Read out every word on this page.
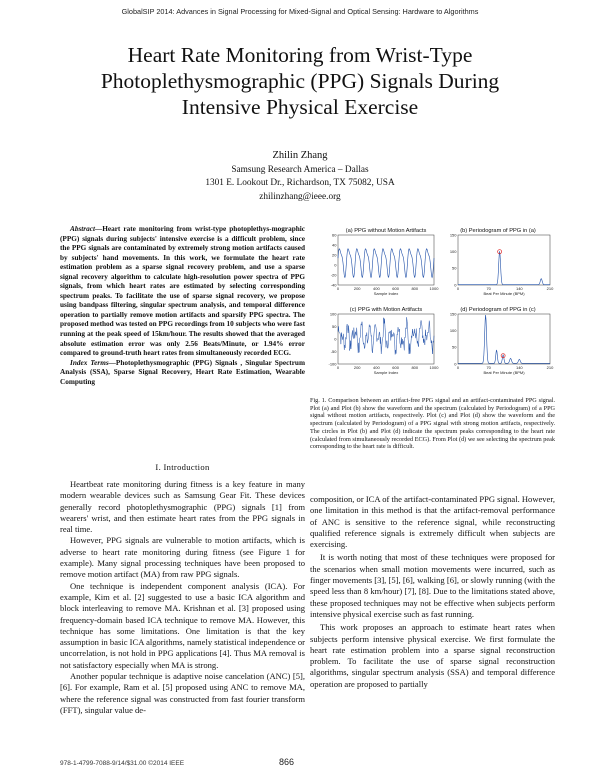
GlobalSIP 2014: Advances in Signal Processing for Mixed-Signal and Optical Sensing: Hardware to Algorithms
Heart Rate Monitoring from Wrist-Type
Photoplethysmographic (PPG) Signals During
Intensive Physical Exercise
Zhilin Zhang
Samsung Research America – Dallas
1301 E. Lookout Dr., Richardson, TX 75082, USA
zhilinzhang@ieee.org
Abstract—Heart rate monitoring from wrist-type photoplethys-mographic (PPG) signals during subjects' intensive exercise is a difficult problem, since the PPG signals are contaminated by extremely strong motion artifacts caused by subjects' hand movements. In this work, we formulate the heart rate estimation problem as a sparse signal recovery problem, and use a sparse signal recovery algorithm to calculate high-resolution power spectra of PPG signals, from which heart rates are estimated by selecting corresponding spectrum peaks. To facilitate the use of sparse signal recovery, we propose using bandpass filtering, singular spectrum analysis, and temporal difference operation to partially remove motion artifacts and sparsify PPG spectra. The proposed method was tested on PPG recordings from 10 subjects who were fast running at the peak speed of 15km/hour. The results showed that the averaged absolute estimation error was only 2.56 Beats/Minute, or 1.94% error compared to ground-truth heart rates from simultaneously recorded ECG.
Index Terms—Photoplethysmographic (PPG) Signals , Singular Spectrum Analysis (SSA), Sparse Signal Recovery, Heart Rate Estimation, Wearable Computing
I. Introduction

Heartbeat rate monitoring during fitness is a key feature in many modern wearable devices such as Samsung Gear Fit. These devices generally record photoplethysmographic (PPG) signals [1] from wearers' wrist, and then estimate heart rates from the PPG signals in real time.

However, PPG signals are vulnerable to motion artifacts, which is adverse to heart rate monitoring during fitness (see Figure 1 for example). Many signal processing techniques have been proposed to remove motion artifact (MA) from raw PPG signals.

One technique is independent component analysis (ICA). For example, Kim et al. [2] suggested to use a basic ICA algorithm and block interleaving to remove MA. Krishnan et al. [3] proposed using frequency-domain based ICA technique to remove MA. However, this technique has some limitations. One limitation is that the key assumption in basic ICA algorithms, namely statistical independence or uncorrelation, is not hold in PPG applications [4]. Thus MA removal is not satisfactory especially when MA is strong.

Another popular technique is adaptive noise cancelation (ANC) [5], [6]. For example, Ram et al. [5] proposed using ANC to remove MA, where the reference signal was constructed from fast fourier transform (FFT), singular value de-

(a) PPG without Motion Artifacts
0	200	400	600	800	1000
-40
-20
0
20
40
60
Sample Index
(b) Periodogram of PPG in (a)
0	70	140	210
0
50
100
150
Beat Per Minute (BPM)
(c) PPG with Motion Artifacts
0	200	400	600	800	1000
-100
-50
0
50
100
Sample Index
(d) Periodogram of PPG in (c)
0	70	140	210
0
50
100
150
Beat Per Minute (BPM)
Fig. 1. Comparison between an artifact-free PPG signal and an artifact-contaminated PPG signal. Plot (a) and Plot (b) show the waveform and the spectrum (calculated by Periodogram) of a PPG signal without motion artifacts, respectively. Plot (c) and Plot (d) show the waveform and the spectrum (calculated by Periodogram) of a PPG signal with strong motion artifacts, respectively. The circles in Plot (b) and Plot (d) indicate the spectrum peaks corresponding to the heart rate (calculated from simultaneously recorded ECG). From Plot (d) we see selecting the spectrum peak corresponding to the heart rate is difficult.

composition, or ICA of the artifact-contaminated PPG signal. However, one limitation in this method is that the artifact-removal performance of ANC is sensitive to the reference signal, while reconstructing qualified reference signals is extremely difficult when subjects are exercising.

It is worth noting that most of these techniques were proposed for the scenarios when small motion movements were incurred, such as finger movements [3], [5], [6], walking [6], or slowly running (with the speed less than 8 km/hour) [7], [8]. Due to the limitations stated above, these proposed techniques may not be effective when subjects perform intensive physical exercise such as fast running.

This work proposes an approach to estimate heart rates when subjects perform intensive physical exercise. We first formulate the heart rate estimation problem into a sparse signal reconstruction problem. To facilitate the use of sparse signal reconstruction algorithms, singular spectrum analysis (SSA) and temporal difference operation are proposed to partially

978-1-4799-7088-9/14/$31.00 ©2014 IEEE	866
